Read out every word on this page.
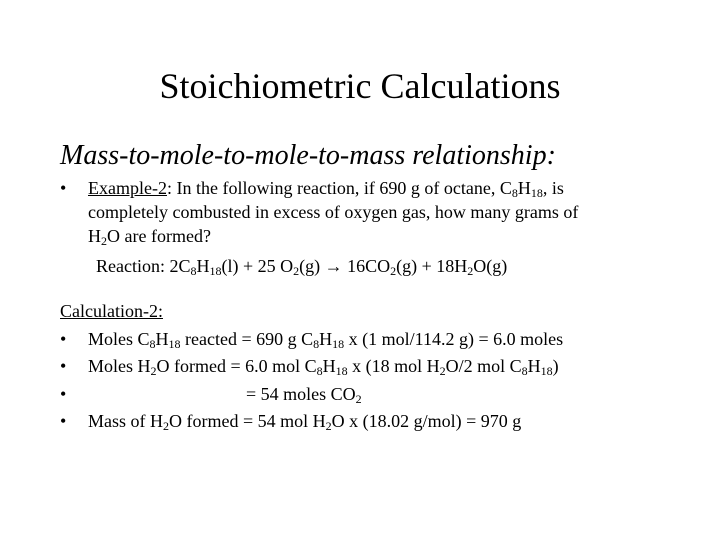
Stoichiometric Calculations
Mass-to-mole-to-mole-to-mass relationship:
• Example-2: In the following reaction, if 690 g of octane, $C_8H_{18}$, is
completely combusted in excess of oxygen gas, how many grams of
$H_2O$ are formed?
Reaction: $2C_8H_{18}(l) + 25$ $O_2(g) \to 16CO_2(g) + 18H_2O(g)$
Calculation-2:
• Moles $C_8H_{18}$ reacted = 690 g $C_8H_{18}$ x (1 mol/114.2 g) = 6.0 moles
• Moles $H_2O$ formed = 6.0 mol $C_8H_{18}$ x (18 mol $H_2O/2$ mol $C_8H_{18}$)
•	= 54 moles $CO_2$
• Mass of $H_2O$ formed = 54 mol $H_2O$ x (18.02 g/mol) = 970 g
